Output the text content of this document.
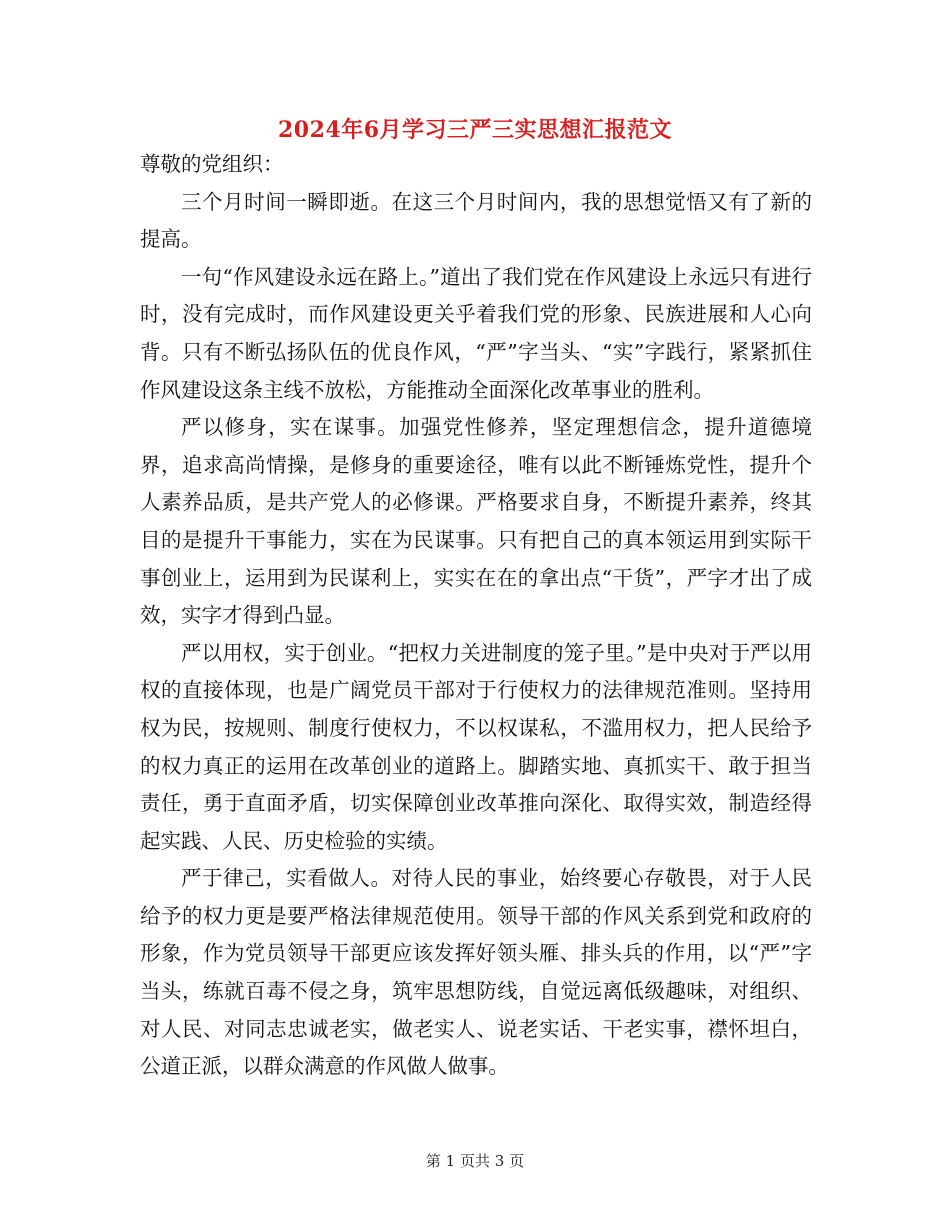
2024年6月学习三严三实思想汇报范文

尊敬的党组织：

三个月时间一瞬即逝。在这三个月时间内，我的思想觉悟又有了新的提高。

一句“作风建设永远在路上。”道出了我们党在作风建设上永远只有进行时，没有完成时，而作风建设更关乎着我们党的形象、民族进展和人心向背。只有不断弘扬队伍的优良作风，“严”字当头、“实”字践行，紧紧抓住作风建设这条主线不放松，方能推动全面深化改革事业的胜利。

严以修身，实在谋事。加强党性修养，坚定理想信念，提升道德境界，追求高尚情操，是修身的重要途径，唯有以此不断锤炼党性，提升个人素养品质，是共产党人的必修课。严格要求自身，不断提升素养，终其目的是提升干事能力，实在为民谋事。只有把自己的真本领运用到实际干事创业上，运用到为民谋利上，实实在在的拿出点“干货”，严字才出了成效，实字才得到凸显。

严以用权，实于创业。“把权力关进制度的笼子里。”是中央对于严以用权的直接体现，也是广阔党员干部对于行使权力的法律规范准则。坚持用权为民，按规则、制度行使权力，不以权谋私，不滥用权力，把人民给予的权力真正的运用在改革创业的道路上。脚踏实地、真抓实干、敢于担当责任，勇于直面矛盾，切实保障创业改革推向深化、取得实效，制造经得起实践、人民、历史检验的实绩。

严于律己，实看做人。对待人民的事业，始终要心存敬畏，对于人民给予的权力更是要严格法律规范使用。领导干部的作风关系到党和政府的形象，作为党员领导干部更应该发挥好领头雁、排头兵的作用，以“严”字当头，练就百毒不侵之身，筑牢思想防线，自觉远离低级趣味，对组织、对人民、对同志忠诚老实，做老实人、说老实话、干老实事，襟怀坦白，公道正派，以群众满意的作风做人做事。

第 1 页共 3 页
